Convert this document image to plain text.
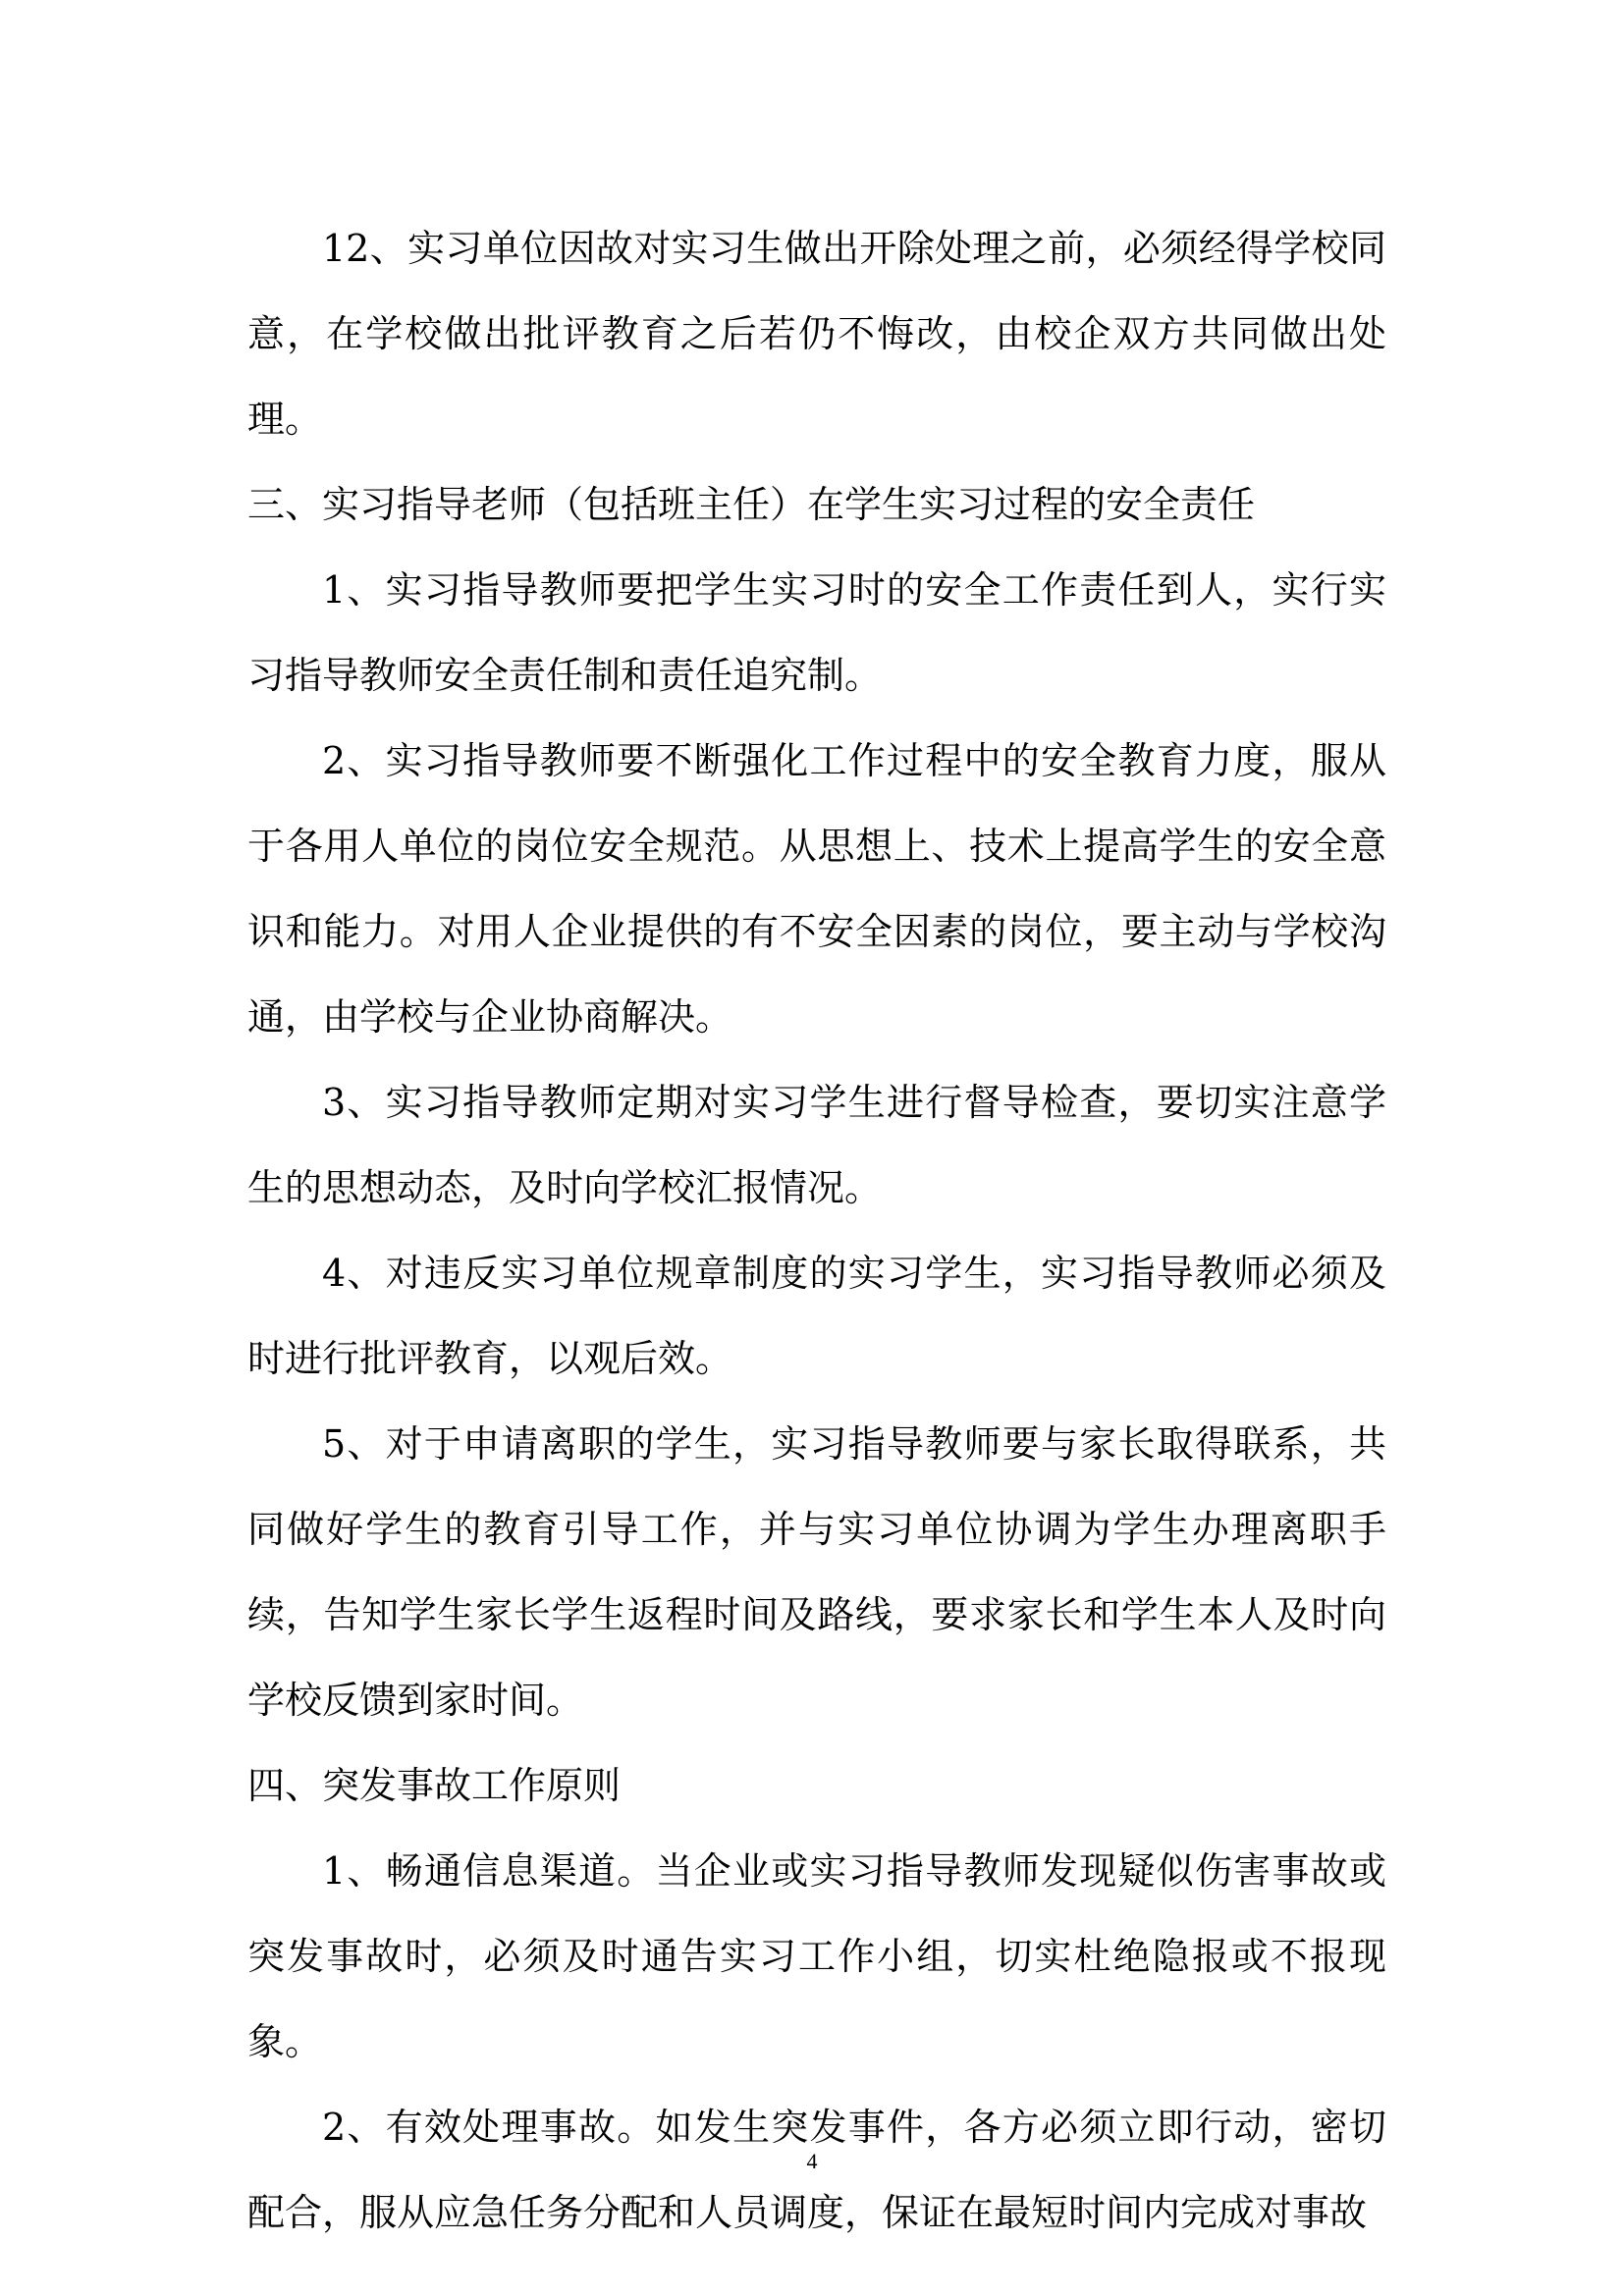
12、实习单位因故对实习生做出开除处理之前，必须经得学校同意，在学校做出批评教育之后若仍不悔改，由校企双方共同做出处理。

三、实习指导老师（包括班主任）在学生实习过程的安全责任

1、实习指导教师要把学生实习时的安全工作责任到人，实行实习指导教师安全责任制和责任追究制。

2、实习指导教师要不断强化工作过程中的安全教育力度，服从于各用人单位的岗位安全规范。从思想上、技术上提高学生的安全意识和能力。对用人企业提供的有不安全因素的岗位，要主动与学校沟通，由学校与企业协商解决。

3、实习指导教师定期对实习学生进行督导检查，要切实注意学生的思想动态，及时向学校汇报情况。

4、对违反实习单位规章制度的实习学生，实习指导教师必须及时进行批评教育，以观后效。

5、对于申请离职的学生，实习指导教师要与家长取得联系，共同做好学生的教育引导工作，并与实习单位协调为学生办理离职手续，告知学生家长学生返程时间及路线，要求家长和学生本人及时向学校反馈到家时间。

四、突发事故工作原则

1、畅通信息渠道。当企业或实习指导教师发现疑似伤害事故或突发事故时，必须及时通告实习工作小组，切实杜绝隐报或不报现象。

2、有效处理事故。如发生突发事件，各方必须立即行动，密切配合，服从应急任务分配和人员调度，保证在最短时间内完成对事故

4
